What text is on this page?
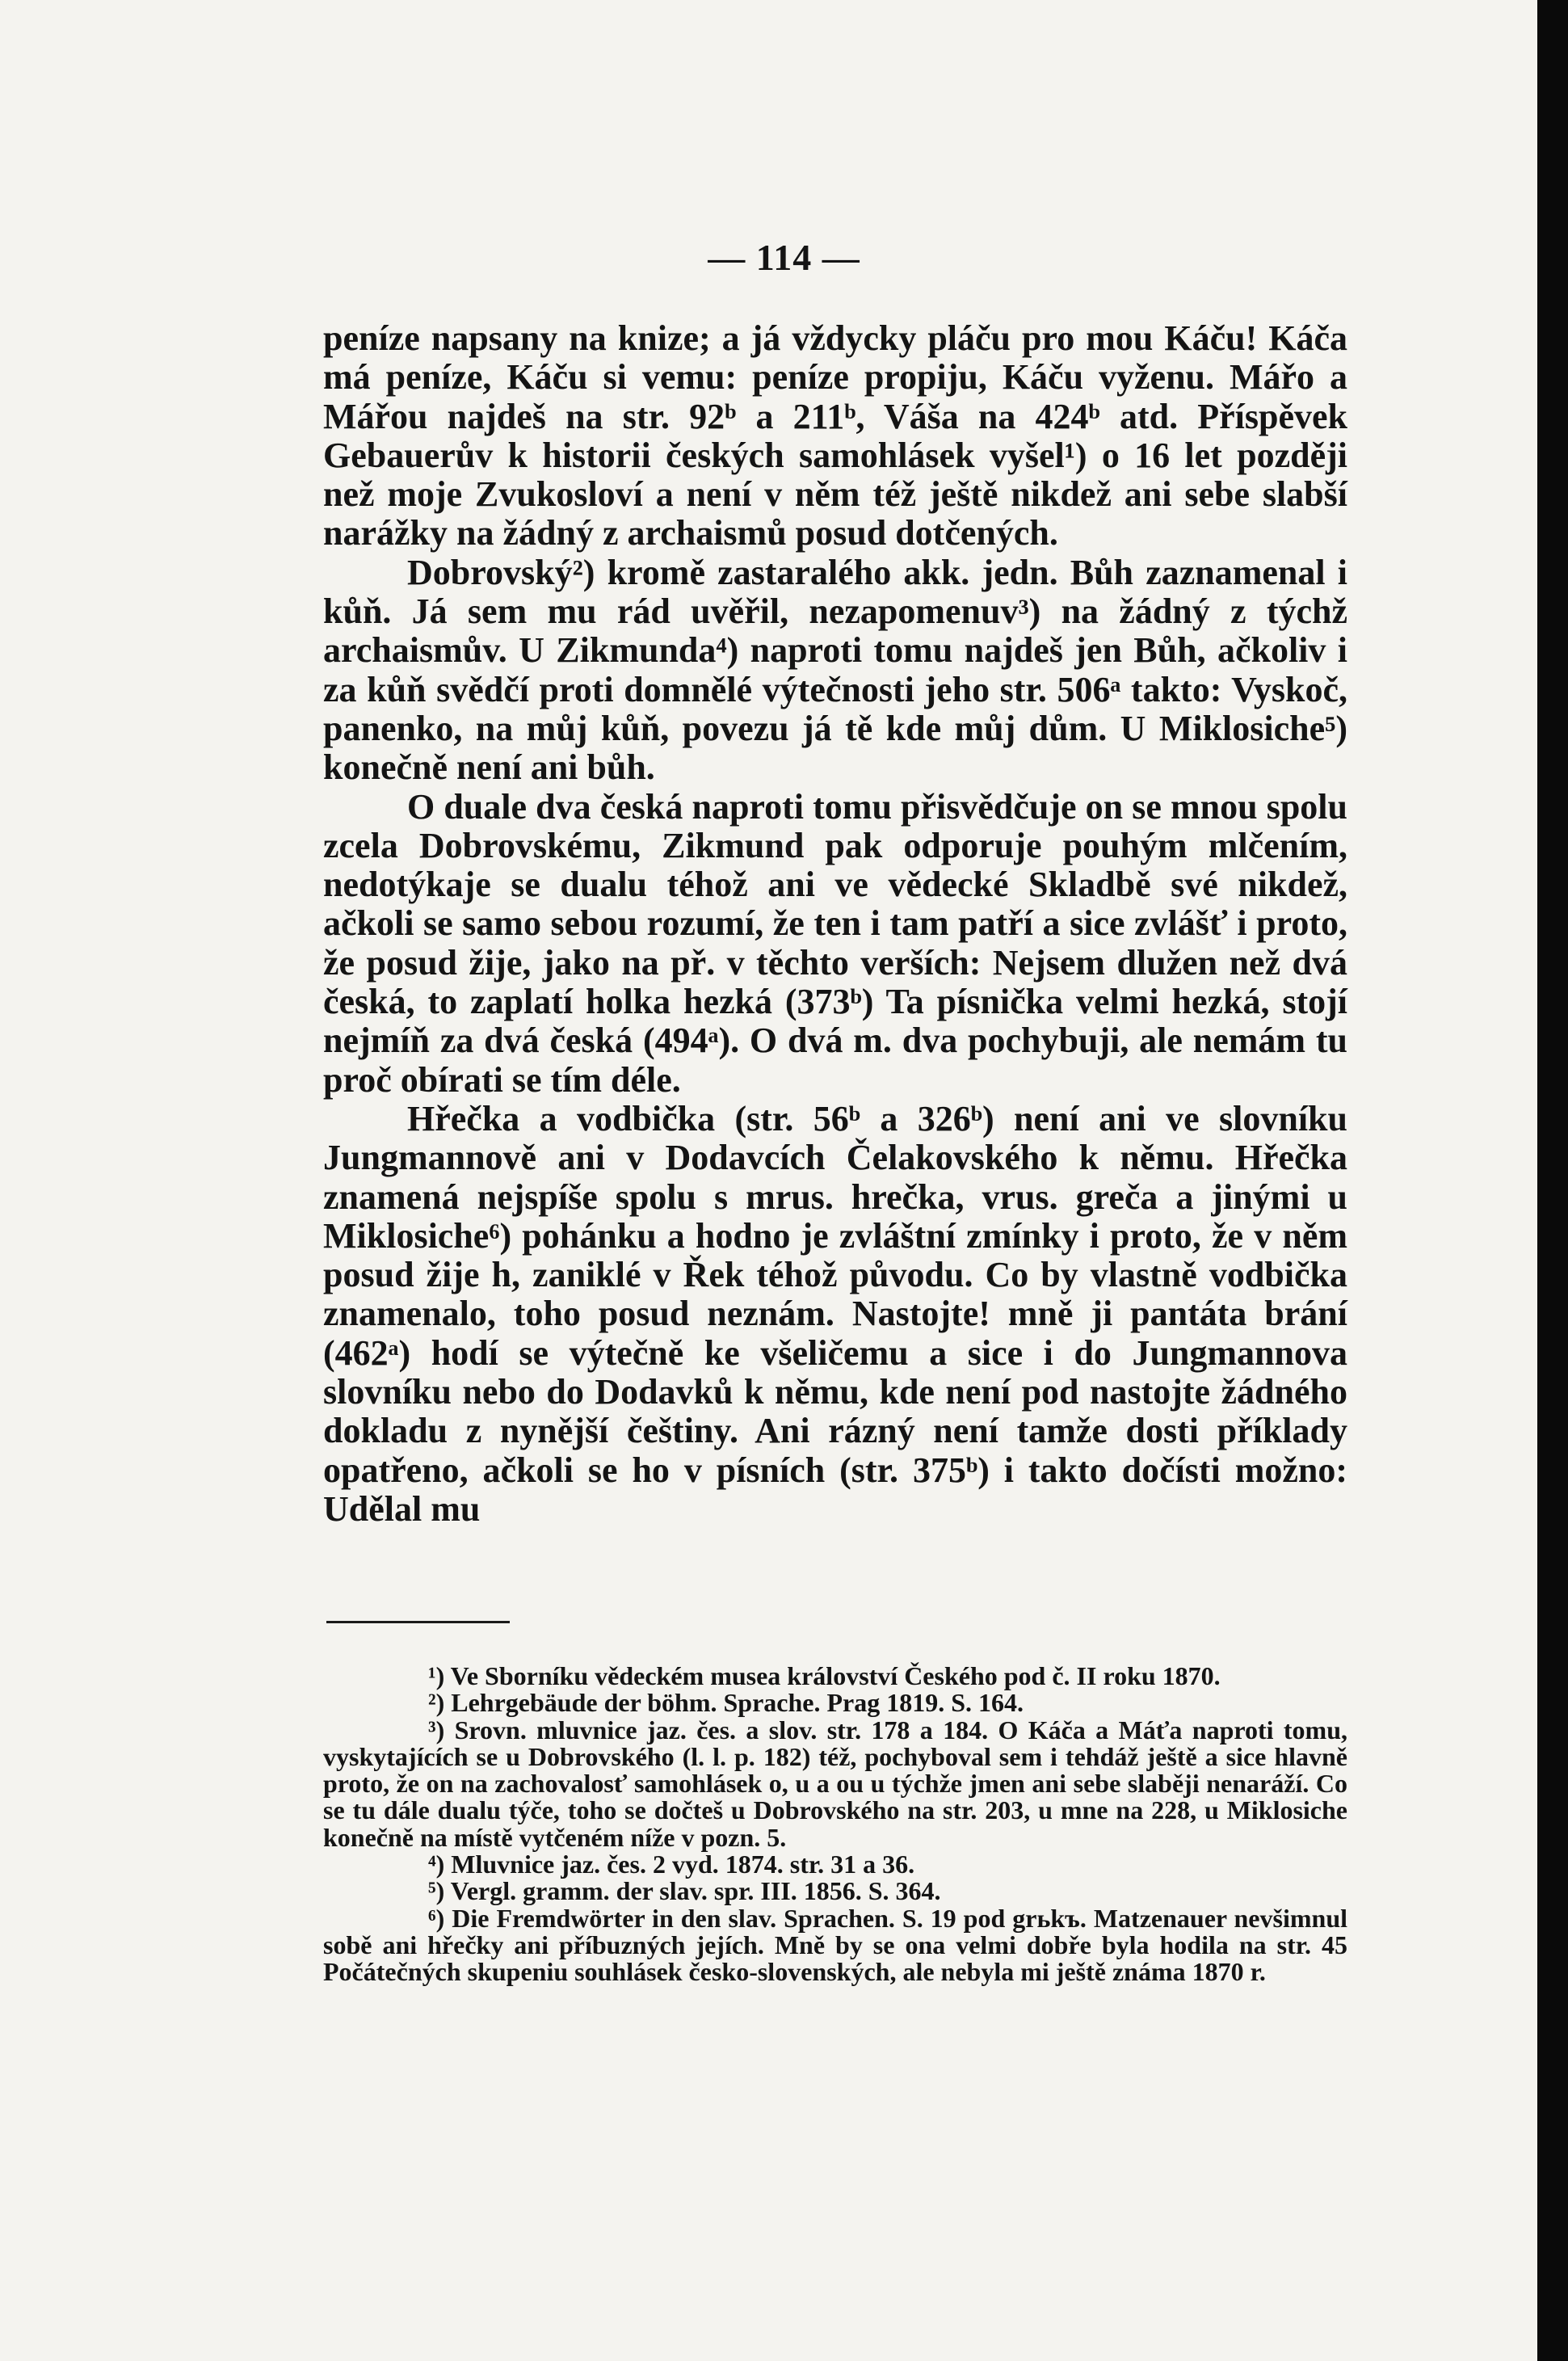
— 114 —

peníze napsany na knize; a já vždycky pláču pro mou Káču! Káča má peníze, Káču si vemu: peníze propiju, Káču vyženu. Mářo a Mářou najdeš na str. 92ᵇ a 211ᵇ, Váša na 424ᵇ atd. Příspěvek Gebauerův k historii českých samohlásek vyšel¹) o 16 let později než moje Zvukosloví a není v něm též ještě nikdež ani sebe slabší narážky na žádný z archaismů posud dotčených.

Dobrovský²) kromě zastaralého akk. jedn. Bůh zaznamenal i kůň. Já sem mu rád uvěřil, nezapomenuv³) na žádný z týchž archaismův. U Zikmunda⁴) naproti tomu najdeš jen Bůh, ačkoliv i za kůň svědčí proti domnělé výtečnosti jeho str. 506ᵃ takto: Vyskoč, panenko, na můj kůň, povezu já tě kde můj dům. U Miklosiche⁵) konečně není ani bůh.

O duale dva česká naproti tomu přisvědčuje on se mnou spolu zcela Dobrovskému, Zikmund pak odporuje pouhým mlčením, nedotýkaje se dualu téhož ani ve vědecké Skladbě své nikdež, ačkoli se samo sebou rozumí, že ten i tam patří a sice zvlášť i proto, že posud žije, jako na př. v těchto verších: Nejsem dlužen než dvá česká, to zaplatí holka hezká (373ᵇ) Ta písnička velmi hezká, stojí nejmíň za dvá česká (494ᵃ). O dvá m. dva pochybuji, ale nemám tu proč obírati se tím déle.

Hřečka a vodbička (str. 56ᵇ a 326ᵇ) není ani ve slovníku Jungmannově ani v Dodavcích Čelakovského k němu. Hřečka znamená nejspíše spolu s mrus. hrečka, vrus. greča a jinými u Miklosiche⁶) pohánku a hodno je zvláštní zmínky i proto, že v něm posud žije h, zaniklé v Řek téhož původu. Co by vlastně vodbička znamenalo, toho posud neznám. Nastojte! mně ji pantáta brání (462ᵃ) hodí se výtečně ke všeličemu a sice i do Jungmannova slovníku nebo do Dodavků k němu, kde není pod nastojte žádného dokladu z nynější češtiny. Ani rázný není tamže dosti příklady opatřeno, ačkoli se ho v písních (str. 375ᵇ) i takto dočísti možno: Udělal mu

¹) Ve Sborníku vědeckém musea království Českého pod č. II roku 1870.

²) Lehrgebäude der böhm. Sprache. Prag 1819. S. 164.

³) Srovn. mluvnice jaz. čes. a slov. str. 178 a 184. O Káča a Máťa naproti tomu, vyskytajících se u Dobrovského (l. l. p. 182) též, pochyboval sem i tehdáž ještě a sice hlavně proto, že on na zachovalosť samohlásek o, u a ou u týchže jmen ani sebe slaběji nenaráží. Co se tu dále dualu týče, toho se dočteš u Dobrovského na str. 203, u mne na 228, u Miklosiche konečně na místě vytčeném níže v pozn. 5.

⁴) Mluvnice jaz. čes. 2 vyd. 1874. str. 31 a 36.

⁵) Vergl. gramm. der slav. spr. III. 1856. S. 364.

⁶) Die Fremdwörter in den slav. Sprachen. S. 19 pod grьkъ. Matzenauer nevšimnul sobě ani hřečky ani příbuzných jejích. Mně by se ona velmi dobře byla hodila na str. 45 Počátečných skupeniu souhlásek česko-slovenských, ale nebyla mi ještě známa 1870 r.
